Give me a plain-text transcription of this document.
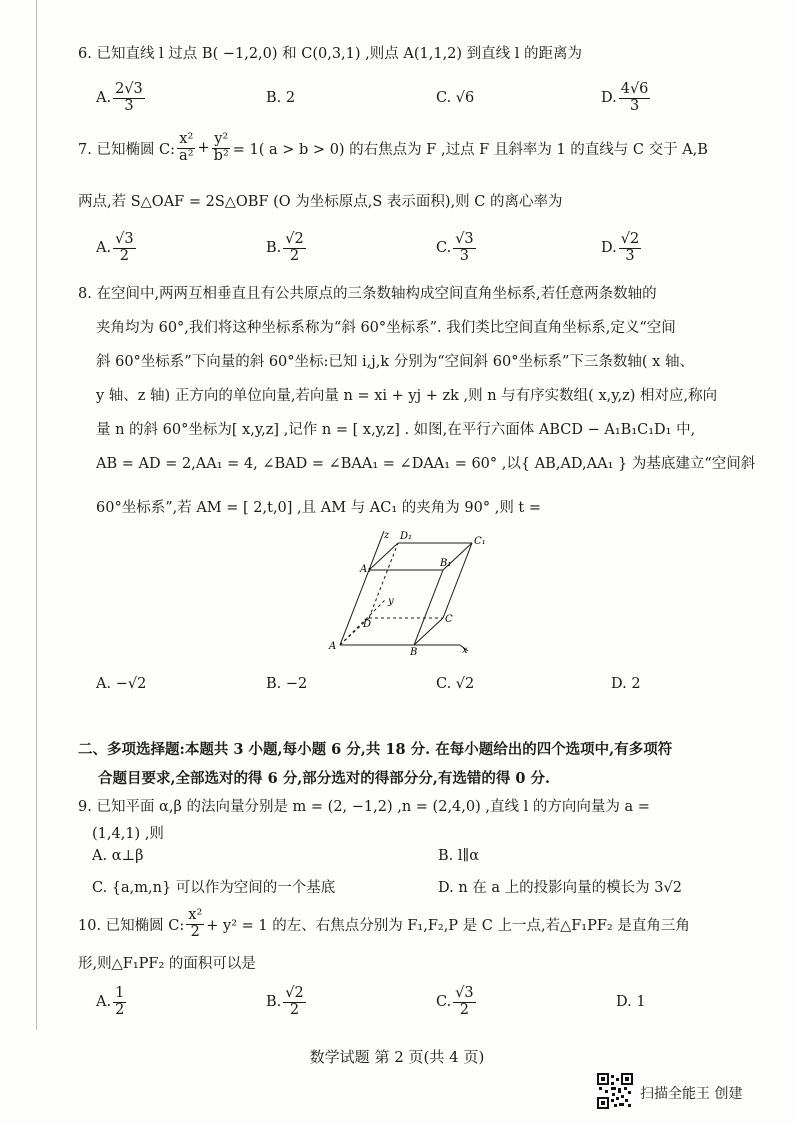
6. 已知直线 l 过点 B( −1,2,0) 和 C(0,3,1) ,则点 A(1,1,2) 到直线 l 的距离为
A. $\frac{2√3}{3}$	B. 2	C. √6	D. $\frac{4√6}{3}$
7. 已知椭圆 C: $\frac{\text{x²}}{\text{a²}} + \frac{\text{y²}}{\text{b²}} = 1$( a > b > 0) 的右焦点为 F ,过点 F 且斜率为 1 的直线与 C 交于 A,B
两点,若 S△OAF = 2S△OBF (O 为坐标原点,S 表示面积),则 C 的离心率为
A. $\frac{√3}{2}$	B. $\frac{√2}{2}$	C. $\frac{√3}{3}$	D. $\frac{√2}{3}$
8. 在空间中,两两互相垂直且有公共原点的三条数轴构成空间直角坐标系,若任意两条数轴的
夹角均为 60°,我们将这种坐标系称为“斜 60°坐标系”. 我们类比空间直角坐标系,定义“空间
斜 60°坐标系”下向量的斜 60°坐标:已知 i,j,k 分别为“空间斜 60°坐标系”下三条数轴( x 轴、
y 轴、z 轴) 正方向的单位向量,若向量 n = xi + yj + zk ,则 n 与有序实数组( x,y,z) 相对应,称向
量 n 的斜 60°坐标为[ x,y,z] ,记作 n = [ x,y,z] . 如图,在平行六面体 ABCD − A₁B₁C₁D₁ 中,
AB = AD = 2,AA₁ = 4, ∠BAD = ∠BAA₁ = ∠DAA₁ = 60° ,以{ AB,AD,AA₁ } 为基底建立“空间斜
60°坐标系”,若 AM = [ 2,t,0] ,且 AM 与 AC₁ 的夹角为 90° ,则 t =
A
B
C
D
A₁
B₁
C₁
D₁
x
y
z
A. −√2	B. −2	C. √2	D. 2
二、多项选择题:本题共 3 小题,每小题 6 分,共 18 分. 在每小题给出的四个选项中,有多项符
合题目要求,全部选对的得 6 分,部分选对的得部分分,有选错的得 0 分.
9. 已知平面 α,β 的法向量分别是 m = (2, −1,2) ,n = (2,4,0) ,直线 l 的方向向量为 a =
(1,4,1) ,则
A. α⊥β	B. l∥α
C. {a,m,n} 可以作为空间的一个基底	D. n 在 a 上的投影向量的模长为 3√2
10. 已知椭圆 C: $\frac{\text{x²}}{2} + y^2 = 1$ 的左、右焦点分别为 F₁,F₂,P 是 C 上一点,若△F₁PF₂ 是直角三角
形,则△F₁PF₂ 的面积可以是
A. $\frac{1}{2}$	B. $\frac{√2}{2}$	C. $\frac{√3}{2}$	D. 1
数学试题 第 2 页(共 4 页)
扫描全能王 创建
